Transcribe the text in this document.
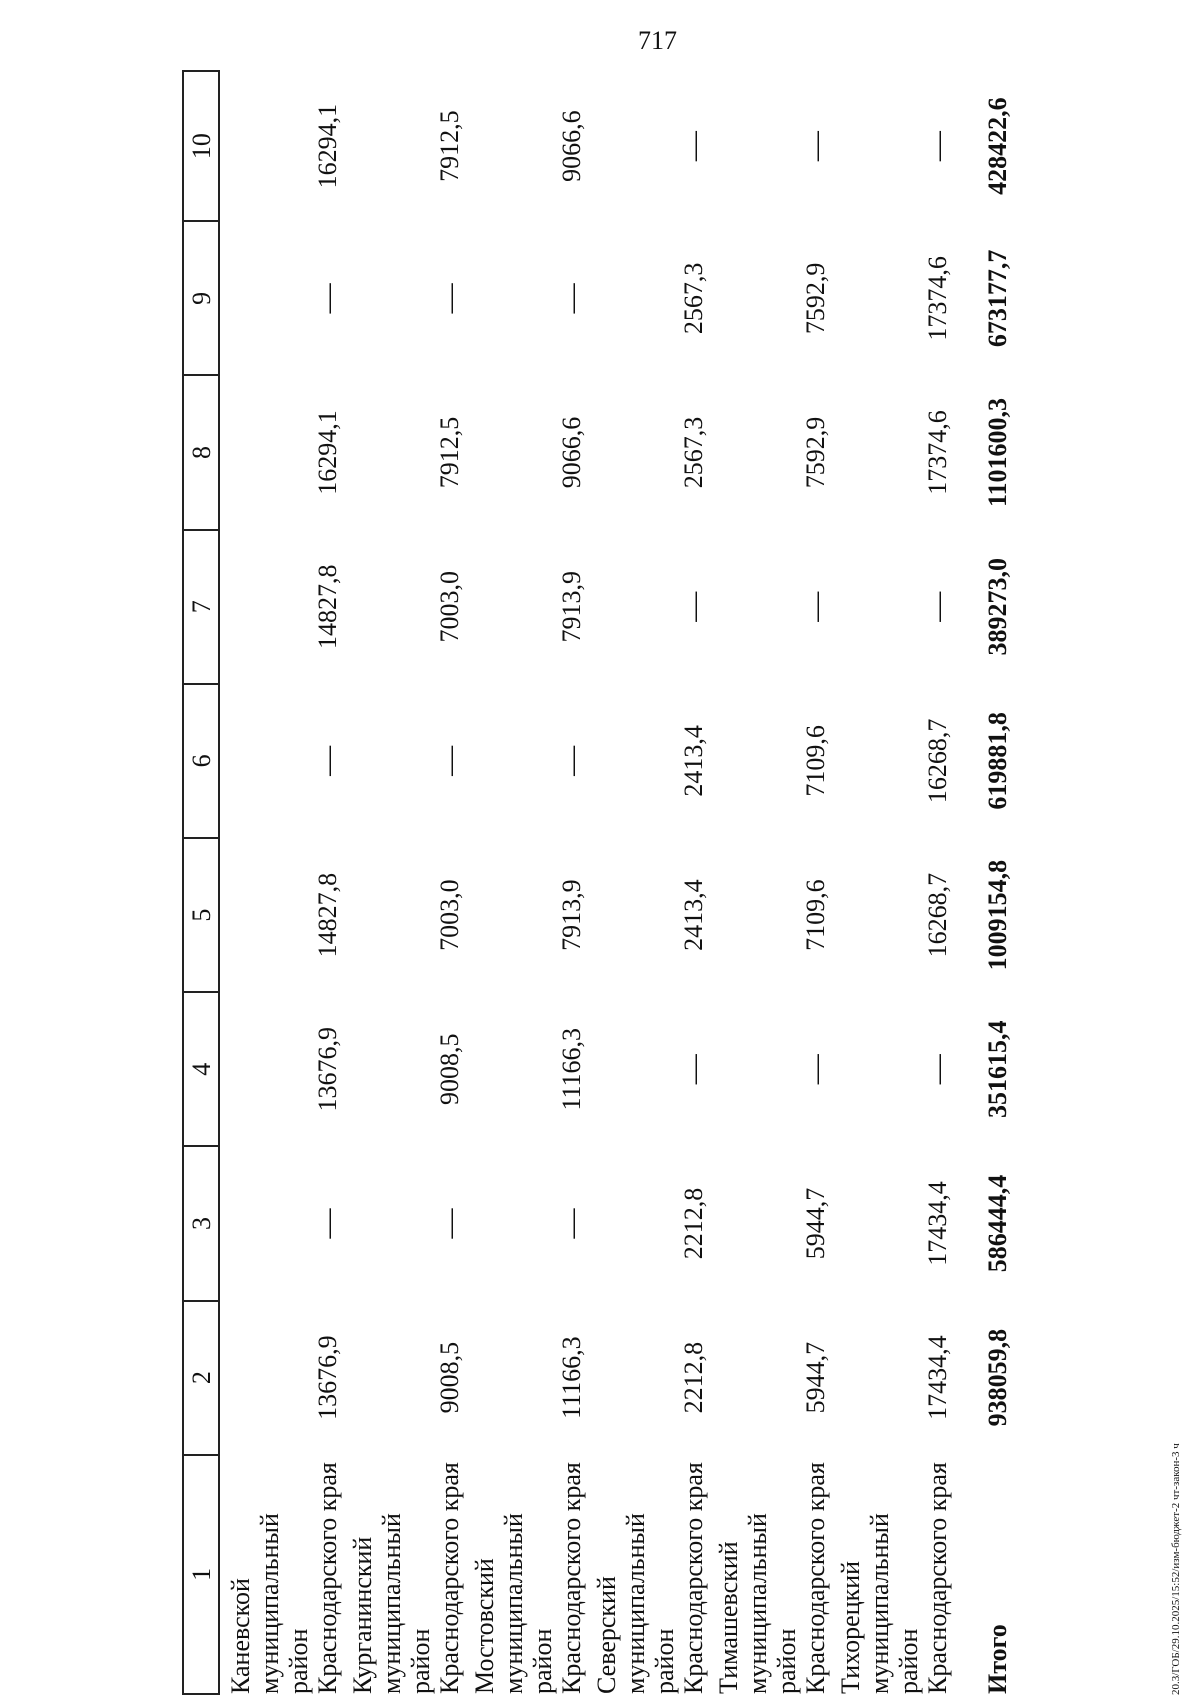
717
20.3/ГОБ/29.10.2025/15:52/изм-бюджет-2 чт-закон-3 ч
1	2	3	4	5	6	7	8	9	10

Каневской муниципальный район Краснодарского края	13676,9	—	13676,9	14827,8	—	14827,8	16294,1	—	16294,1

Курганинский муниципальный район Краснодарского края	9008,5	—	9008,5	7003,0	—	7003,0	7912,5	—	7912,5

Мостовский муниципальный район Краснодарского края	11166,3	—	11166,3	7913,9	—	7913,9	9066,6	—	9066,6

Северский муниципальный район Краснодарского края	2212,8	2212,8	—	2413,4	2413,4	—	2567,3	2567,3	—

Тимашевский муниципальный район Краснодарского края	5944,7	5944,7	—	7109,6	7109,6	—	7592,9	7592,9	—

Тихорецкий муниципальный район Краснодарского края	17434,4	17434,4	—	16268,7	16268,7	—	17374,6	17374,6	—
Итого	938059,8	586444,4	351615,4	1009154,8	619881,8	389273,0	1101600,3	673177,7	428422,6
